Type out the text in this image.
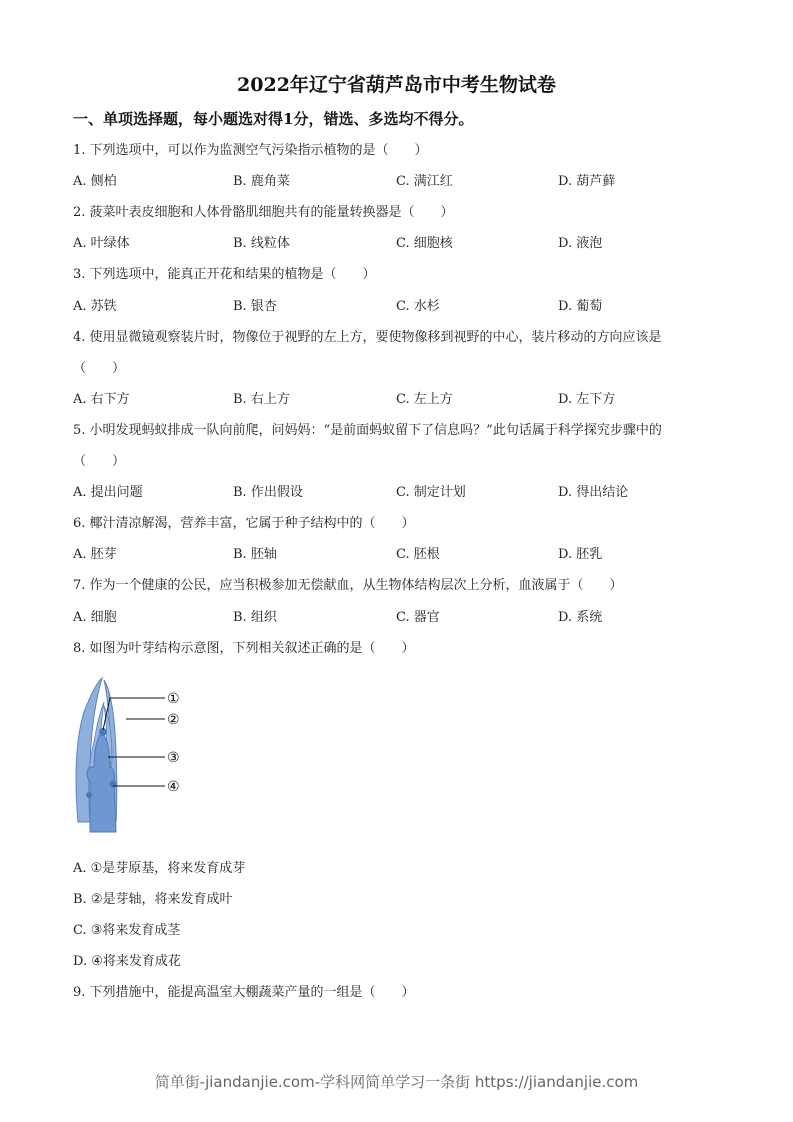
2022年辽宁省葫芦岛市中考生物试卷
一、单项选择题，每小题选对得1分，错选、多选均不得分。
1. 下列选项中，可以作为监测空气污染指示植物的是（　　）
A. 侧柏	B. 鹿角菜	C. 满江红	D. 葫芦藓
2. 菠菜叶表皮细胞和人体骨骼肌细胞共有的能量转换器是（　　）
A. 叶绿体	B. 线粒体	C. 细胞核	D. 液泡
3. 下列选项中，能真正开花和结果的植物是（　　）
A. 苏铁	B. 银杏	C. 水杉	D. 葡萄
4. 使用显微镜观察装片时，物像位于视野的左上方，要使物像移到视野的中心，装片移动的方向应该是
（　　）
A. 右下方	B. 右上方	C. 左上方	D. 左下方
5. 小明发现蚂蚁排成一队向前爬，问妈妈：“是前面蚂蚁留下了信息吗？”此句话属于科学探究步骤中的
（　　）
A. 提出问题	B. 作出假设	C. 制定计划	D. 得出结论
6. 椰汁清凉解渴，营养丰富，它属于种子结构中的（　　）
A. 胚芽	B. 胚轴	C. 胚根	D. 胚乳
7. 作为一个健康的公民，应当积极参加无偿献血，从生物体结构层次上分析，血液属于（　　）
A. 细胞	B. 组织	C. 器官	D. 系统
8. 如图为叶芽结构示意图，下列相关叙述正确的是（　　）
A. ①是芽原基，将来发育成芽
B. ②是芽轴，将来发育成叶
C. ③将来发育成茎
D. ④将来发育成花
9. 下列措施中，能提高温室大棚蔬菜产量的一组是（　　）
①
②
③
④
简单街-jiandanjie.com-学科网简单学习一条街 https://jiandanjie.com
